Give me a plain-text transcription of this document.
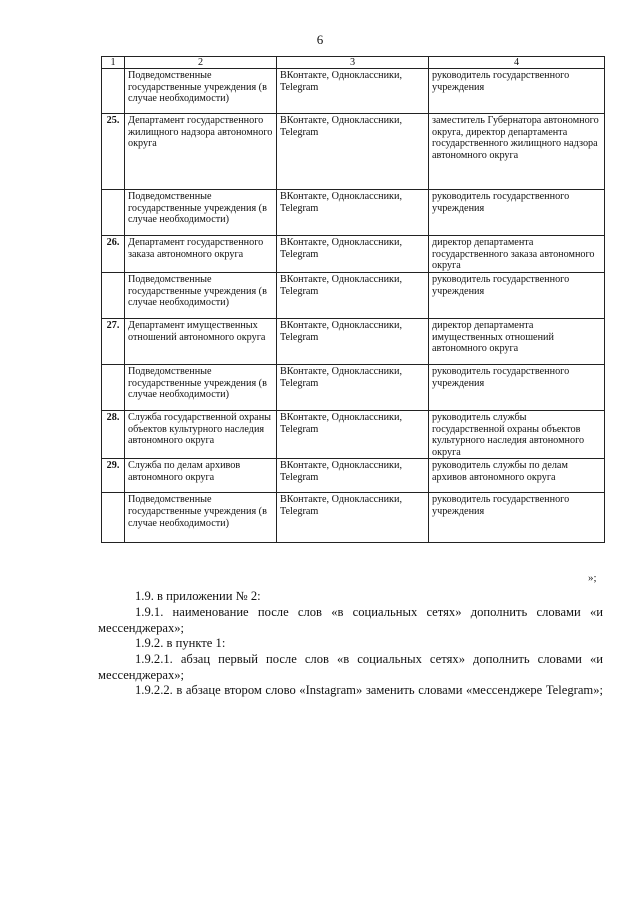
6
1	2	3	4
	Подведомственные государственные учреждения (в случае необходимости)	ВКонтакте, Одноклассники, Telegram	руководитель государственного учреждения
25.	Департамент государственного жилищного надзора автономного округа	ВКонтакте, Одноклассники, Telegram	заместитель Губернатора автономного округа, директор департамента государственного жилищного надзора автономного округа
	Подведомственные государственные учреждения (в случае необходимости)	ВКонтакте, Одноклассники, Telegram	руководитель государственного учреждения
26.	Департамент государственного заказа автономного округа	ВКонтакте, Одноклассники, Telegram	директор департамента государственного заказа автономного округа
	Подведомственные государственные учреждения (в случае необходимости)	ВКонтакте, Одноклассники, Telegram	руководитель государственного учреждения
27.	Департамент имущественных отношений автономного округа	ВКонтакте, Одноклассники, Telegram	директор департамента имущественных отношений автономного округа
	Подведомственные государственные учреждения (в случае необходимости)	ВКонтакте, Одноклассники, Telegram	руководитель государственного учреждения
28.	Служба государственной охраны объектов культурного наследия автономного округа	ВКонтакте, Одноклассники, Telegram	руководитель службы государственной охраны объектов культурного наследия автономного округа
29.	Служба по делам архивов автономного округа	ВКонтакте, Одноклассники, Telegram	руководитель службы по делам архивов автономного округа
	Подведомственные государственные учреждения (в случае необходимости)	ВКонтакте, Одноклассники, Telegram	руководитель государственного учреждения
»;
1.9. в приложении № 2:
1.9.1. наименование после слов «в социальных сетях» дополнить словами «и мессенджерах»;
1.9.2. в пункте 1:
1.9.2.1. абзац первый после слов «в социальных сетях» дополнить словами «и мессенджерах»;
1.9.2.2. в абзаце втором слово «Instagram» заменить словами «мессенджере Telegram»;
